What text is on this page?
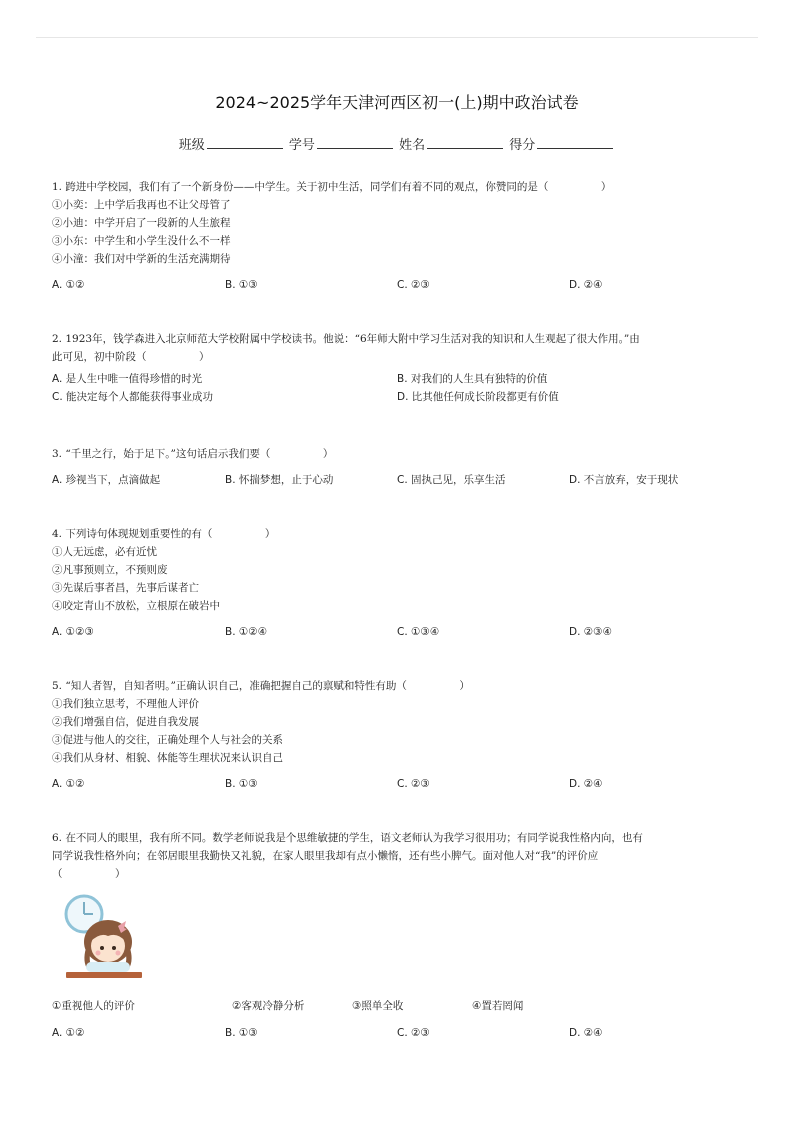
2024~2025学年天津河西区初一(上)期中政治试卷
班级	学号	姓名	得分

1. 跨进中学校园，我们有了一个新身份——中学生。关于初中生活，同学们有着不同的观点，你赞同的是（　　　　　）

①小奕：上中学后我再也不让父母管了

②小迪：中学开启了一段新的人生旅程

③小东：中学生和小学生没什么不一样

④小潼：我们对中学新的生活充满期待

A. ①②	B. ①③	C. ②③	D. ②④

2. 1923年，钱学森进入北京师范大学校附属中学校读书。他说：“6年师大附中学习生活对我的知识和人生观起了很大作用。”由

此可见，初中阶段（　　　　　）

A. 是人生中唯一值得珍惜的时光	B. 对我们的人生具有独特的价值
C. 能决定每个人都能获得事业成功	D. 比其他任何成长阶段都更有价值

3. “千里之行，始于足下。”这句话启示我们要（　　　　　）

A. 珍视当下，点滴做起	B. 怀揣梦想，止于心动	C. 固执己见，乐享生活	D. 不言放弃，安于现状

4. 下列诗句体现规划重要性的有（　　　　　）

①人无远虑，必有近忧

②凡事预则立，不预则废

③先谋后事者昌，先事后谋者亡

④咬定青山不放松，立根原在破岩中

A. ①②③	B. ①②④	C. ①③④	D. ②③④

5. “知人者智，自知者明。”正确认识自己，准确把握自己的禀赋和特性有助（　　　　　）

①我们独立思考，不理他人评价

②我们增强自信，促进自我发展

③促进与他人的交往，正确处理个人与社会的关系

④我们从身材、相貌、体能等生理状况来认识自己

A. ①②	B. ①③	C. ②③	D. ②④

6. 在不同人的眼里，我有所不同。数学老师说我是个思维敏捷的学生，语文老师认为我学习很用功；有同学说我性格内向，也有

同学说我性格外向；在邻居眼里我勤快又礼貌，在家人眼里我却有点小懒惰，还有些小脾气。面对他人对“我”的评价应

（　　　　　）

①重视他人的评价	②客观冷静分析	③照单全收	④置若罔闻
A. ①②	B. ①③	C. ②③	D. ②④
